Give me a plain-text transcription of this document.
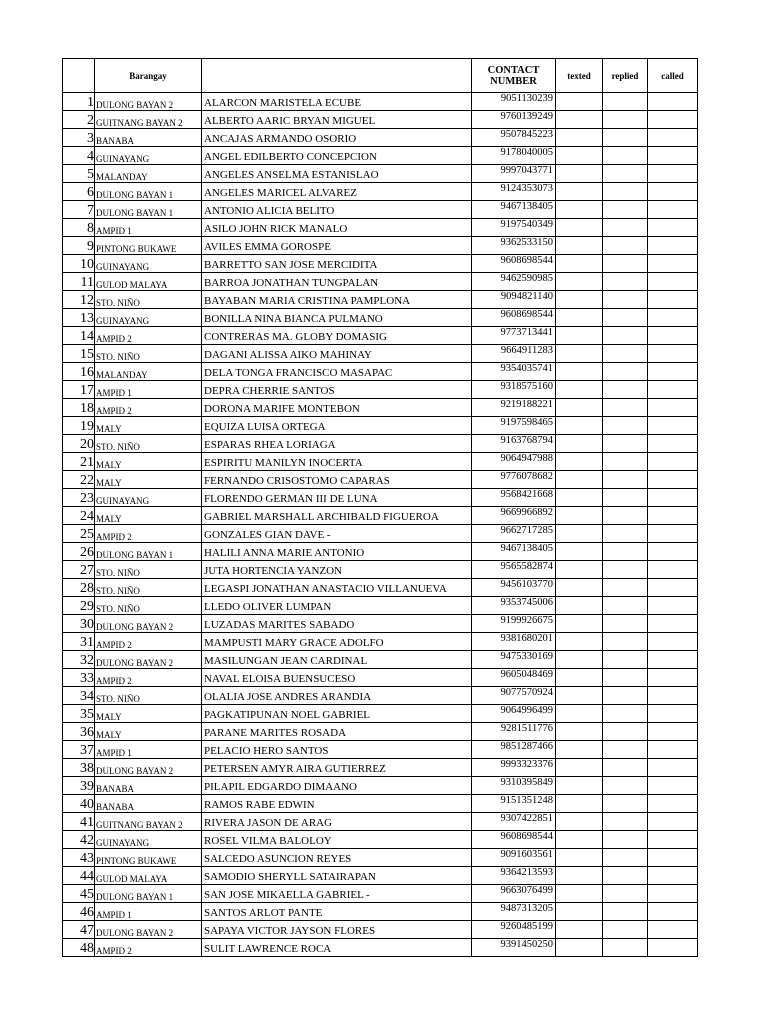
	Barangay		CONTACT NUMBER	texted	replied	called
1	DULONG BAYAN 2	ALARCON MARISTELA ECUBE	9051130239			
2	GUITNANG BAYAN 2	ALBERTO AARIC BRYAN MIGUEL	9760139249			
3	BANABA	ANCAJAS ARMANDO OSORIO	9507845223			
4	GUINAYANG	ANGEL EDILBERTO CONCEPCION	9178040005			
5	MALANDAY	ANGELES ANSELMA ESTANISLAO	9997043771			
6	DULONG BAYAN 1	ANGELES MARICEL ALVAREZ	9124353073			
7	DULONG BAYAN 1	ANTONIO ALICIA BELITO	9467138405			
8	AMPID 1	ASILO JOHN RICK MANALO	9197540349			
9	PINTONG BUKAWE	AVILES EMMA GOROSPE	9362533150			
10	GUINAYANG	BARRETTO SAN JOSE MERCIDITA	9608698544			
11	GULOD MALAYA	BARROA JONATHAN TUNGPALAN	9462590985			
12	STO. NIÑO	BAYABAN MARIA CRISTINA PAMPLONA	9094821140			
13	GUINAYANG	BONILLA NINA BIANCA PULMANO	9608698544			
14	AMPID 2	CONTRERAS MA. GLOBY DOMASIG	9773713441			
15	STO. NIÑO	DAGANI ALISSA AIKO MAHINAY	9664911283			
16	MALANDAY	DELA TONGA FRANCISCO MASAPAC	9354035741			
17	AMPID 1	DEPRA CHERRIE SANTOS	9318575160			
18	AMPID 2	DORONA MARIFE MONTEBON	9219188221			
19	MALY	EQUIZA LUISA ORTEGA	9197598465			
20	STO. NIÑO	ESPARAS RHEA LORIAGA	9163768794			
21	MALY	ESPIRITU MANILYN INOCERTA	9064947988			
22	MALY	FERNANDO CRISOSTOMO CAPARAS	9776078682			
23	GUINAYANG	FLORENDO GERMAN III DE LUNA	9568421668			
24	MALY	GABRIEL MARSHALL ARCHIBALD FIGUEROA	9669966892			
25	AMPID 2	GONZALES GIAN DAVE -	9662717285			
26	DULONG BAYAN 1	HALILI ANNA MARIE ANTONIO	9467138405			
27	STO. NIÑO	JUTA HORTENCIA YANZON	9565582874			
28	STO. NIÑO	LEGASPI JONATHAN ANASTACIO VILLANUEVA	9456103770			
29	STO. NIÑO	LLEDO OLIVER LUMPAN	9353745006			
30	DULONG BAYAN 2	LUZADAS MARITES SABADO	9199926675			
31	AMPID 2	MAMPUSTI MARY GRACE ADOLFO	9381680201			
32	DULONG BAYAN 2	MASILUNGAN JEAN CARDINAL	9475330169			
33	AMPID 2	NAVAL ELOISA BUENSUCESO	9605048469			
34	STO. NIÑO	OLALIA JOSE ANDRES ARANDIA	9077570924			
35	MALY	PAGKATIPUNAN NOEL GABRIEL	9064996499			
36	MALY	PARANE MARITES ROSADA	9281511776			
37	AMPID 1	PELACIO HERO SANTOS	9851287466			
38	DULONG BAYAN 2	PETERSEN AMYR AIRA GUTIERREZ	9993323376			
39	BANABA	PILAPIL EDGARDO DIMAANO	9310395849			
40	BANABA	RAMOS RABE EDWIN	9151351248			
41	GUITNANG BAYAN 2	RIVERA JASON DE ARAG	9307422851			
42	GUINAYANG	ROSEL VILMA BALOLOY	9608698544			
43	PINTONG BUKAWE	SALCEDO ASUNCION REYES	9091603561			
44	GULOD MALAYA	SAMODIO SHERYLL SATAIRAPAN	9364213593			
45	DULONG BAYAN 1	SAN JOSE MIKAELLA GABRIEL -	9663076499			
46	AMPID 1	SANTOS ARLOT PANTE	9487313205			
47	DULONG BAYAN 2	SAPAYA VICTOR JAYSON FLORES	9260485199			
48	AMPID 2	SULIT LAWRENCE ROCA	9391450250			
